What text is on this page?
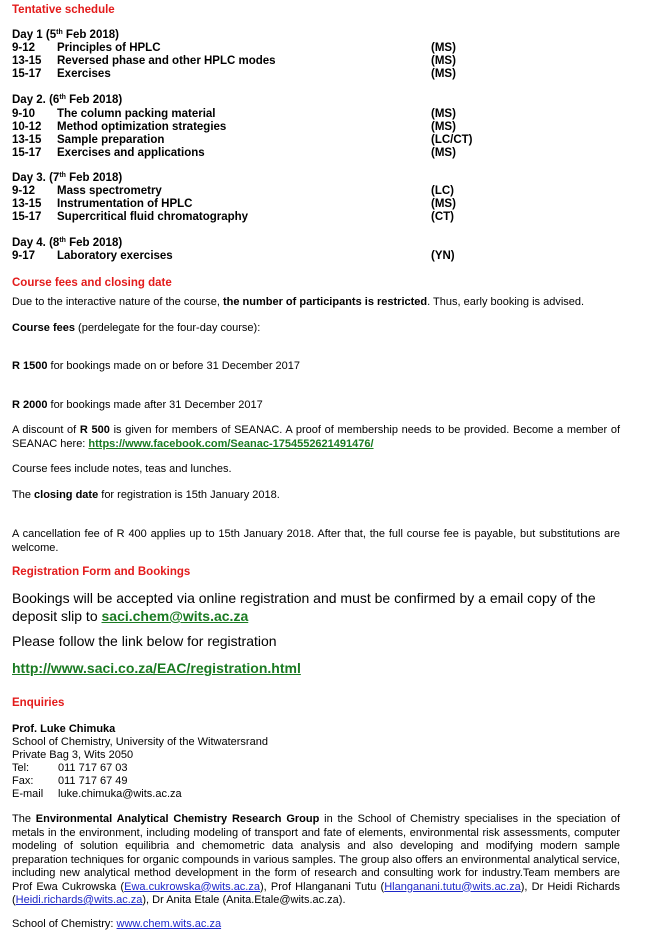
Tentative schedule
Day 1 (5th Feb 2018)
9-12 Principles of HPLC	(MS)
13-15 Reversed phase and other HPLC modes	(MS)
15-17 Exercises	(MS)
Day 2. (6th Feb 2018)
9-10 The column packing material	(MS)
10-12 Method optimization strategies	(MS)
13-15 Sample preparation	(LC/CT)
15-17 Exercises and applications	(MS)
Day 3. (7th Feb 2018)
9-12 Mass spectrometry	(LC)
13-15 Instrumentation of HPLC	(MS)
15-17 Supercritical fluid chromatography	(CT)
Day 4. (8th Feb 2018)
9-17 Laboratory exercises	(YN)
Course fees and closing date
Due to the interactive nature of the course, the number of participants is restricted. Thus, early booking is advised.
Course fees (perdelegate for the four-day course):
R 1500 for bookings made on or before 31 December 2017
R 2000 for bookings made after 31 December 2017
A discount of R 500 is given for members of SEANAC. A proof of membership needs to be provided. Become a member of SEANAC here: https://www.facebook.com/Seanac-1754552621491476/
Course fees include notes, teas and lunches.
The closing date for registration is 15th January 2018.
A cancellation fee of R 400 applies up to 15th January 2018. After that, the full course fee is payable, but substitutions are welcome.
Registration Form and Bookings
Bookings will be accepted via online registration and must be confirmed by a email copy of the deposit slip to saci.chem@wits.ac.za
Please follow the link below for registration
http://www.saci.co.za/EAC/registration.html
Enquiries
Prof. Luke Chimuka
School of Chemistry, University of the Witwatersrand
Private Bag 3, Wits 2050
Tel:	011 717 67 03
Fax: 011 717 67 49
E-mail luke.chimuka@wits.ac.za
The Environmental Analytical Chemistry Research Group in the School of Chemistry specialises in the speciation of metals in the environment, including modeling of transport and fate of elements, environmental risk assessments, computer modeling of solution equilibria and chemometric data analysis and also developing and modifying modern sample preparation techniques for organic compounds in various samples. The group also offers an environmental analytical service, including new analytical method development in the form of research and consulting work for industry.Team members are Prof Ewa Cukrowska (Ewa.cukrowska@wits.ac.za), Prof Hlanganani Tutu (Hlanganani.tutu@wits.ac.za), Dr Heidi Richards (Heidi.richards@wits.ac.za), Dr Anita Etale (Anita.Etale@wits.ac.za).
School of Chemistry: www.chem.wits.ac.za
